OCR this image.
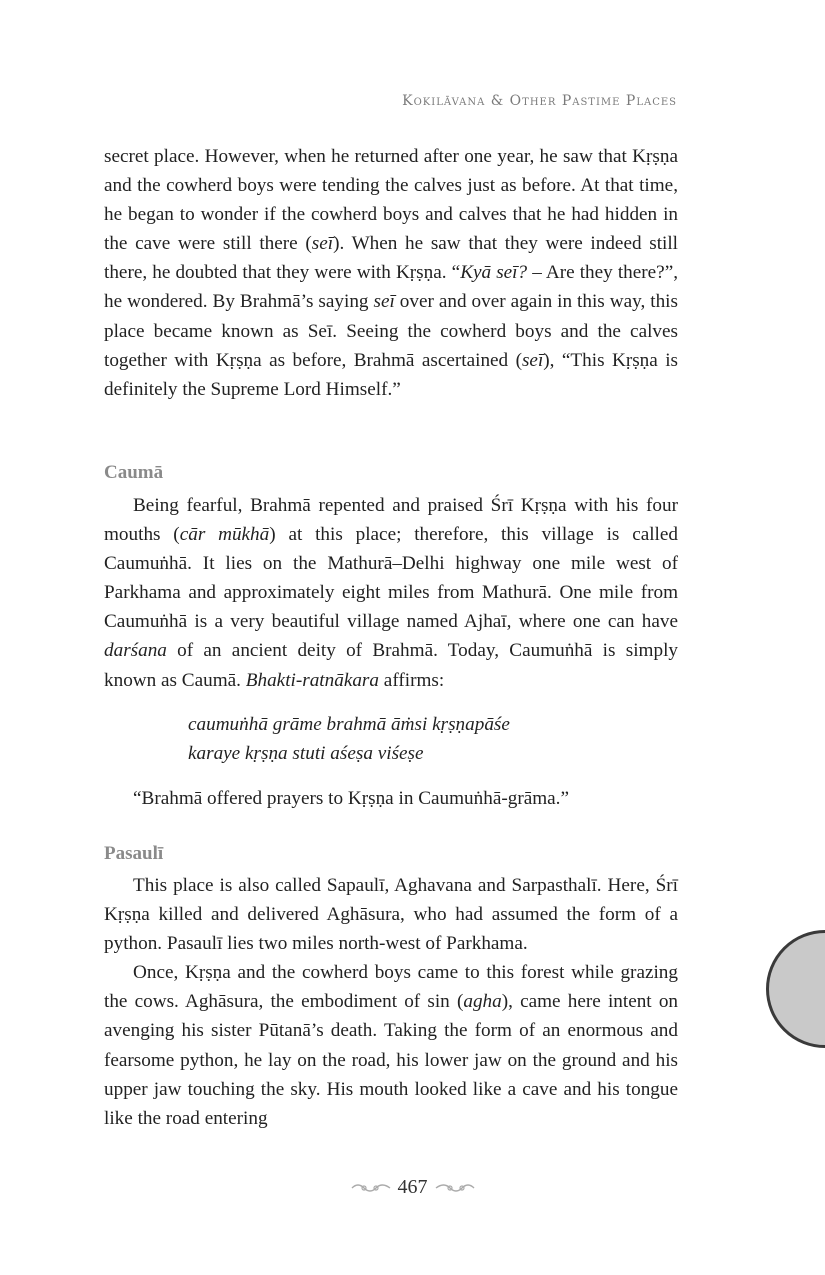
Kokilāvana & Other Pastime Places

secret place. However, when he returned after one year, he saw that Kṛṣṇa and the cowherd boys were tending the calves just as before. At that time, he began to wonder if the cowherd boys and calves that he had hidden in the cave were still there (seī). When he saw that they were indeed still there, he doubted that they were with Kṛṣṇa. “Kyā seī? – Are they there?”, he wondered. By Brahmā’s saying seī over and over again in this way, this place became known as Seī. Seeing the cowherd boys and the calves together with Kṛṣṇa as before, Brahmā ascertained (seī), “This Kṛṣṇa is definitely the Supreme Lord Himself.”

Caumā

Being fearful, Brahmā repented and praised Śrī Kṛṣṇa with his four mouths (cār mūkhā) at this place; therefore, this village is called Caumuṅhā. It lies on the Mathurā–Delhi highway one mile west of Parkhama and approximately eight miles from Mathurā. One mile from Caumuṅhā is a very beautiful village named Ajhaī, where one can have darśana of an ancient deity of Brahmā. Today, Caumuṅhā is simply known as Caumā. Bhakti-ratnākara affirms:

caumuṅhā grāme brahmā āṁsi kṛṣṇapāśe
karaye kṛṣṇa stuti aśeṣa viśeṣe
“Brahmā offered prayers to Kṛṣṇa in Caumuṅhā-grāma.”
Pasaulī

This place is also called Sapaulī, Aghavana and Sarpasthalī. Here, Śrī Kṛṣṇa killed and delivered Aghāsura, who had assumed the form of a python. Pasaulī lies two miles north-west of Parkhama.

Once, Kṛṣṇa and the cowherd boys came to this forest while grazing the cows. Aghāsura, the embodiment of sin (agha), came here intent on avenging his sister Pūtanā’s death. Taking the form of an enormous and fearsome python, he lay on the road, his lower jaw on the ground and his upper jaw touching the sky. His mouth looked like a cave and his tongue like the road entering

467
